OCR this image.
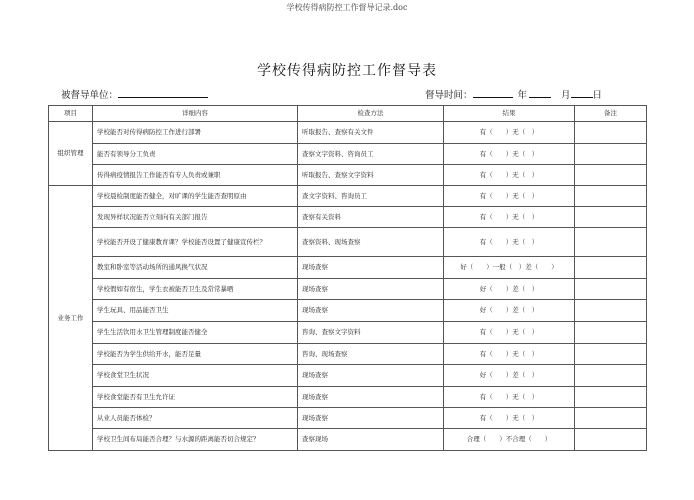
学校传得病防控工作督导记录.doc
学校传得病防控工作督导表
被督导单位：	督导时间：	年	月 日
项目	详细内容	检查方法	结果	备注
组织管理	学校能否对传得病防控工作进行部署	听取报告、查察有关文件	有（　　）无（　）	
	能否有领导分工负责	查察文字资料、咨询员工	有（　　）无（　）	
	传得病疫情报告工作能否有专人负责或兼职	听取报告、查察文字资料	有（　　）无（　）	
业务工作	学校晨检制度能否健全，对旷课的学生能否查明原由	查文字资料、咨询员工	有（　　）无（　）	
	发现异样状况能否立刻向有关部门报告	查察有关资料	有（　　）无（　）	
	学校能否开设了健康教育课？学校能否设置了健康宣传栏？	查察资料、现场查察	有（　　）无（　）	
	教室和卧室等活动场所的通风换气状况	现场查察	好（　　）一般（　）差（　　）	
	学校假如有宿生，学生衣被能否卫生及常常暴晒	现场查察	好（　　）差（　）	
	学生玩具、用品能否卫生	现场查察	好（　　）差（　）	
	学生生活饮用水卫生管理制度能否健全	咨询、查察文字资料	有（　　）无（　）	
	学校能否为学生供给开水，能否足量	咨询、现场查察	有（　　）无（　）	
	学校食堂卫生状况	现场查察	好（　　）差（　）	
	学校食堂能否有卫生允许证	现场查察	有（　　）无（　）	
	从业人员能否体检？	现场查察	有（　　）无（　）	
	学校卫生间布局能否合理？与水源的距离能否切合规定？	查察现场	合理（　　）不合理（　　）	
